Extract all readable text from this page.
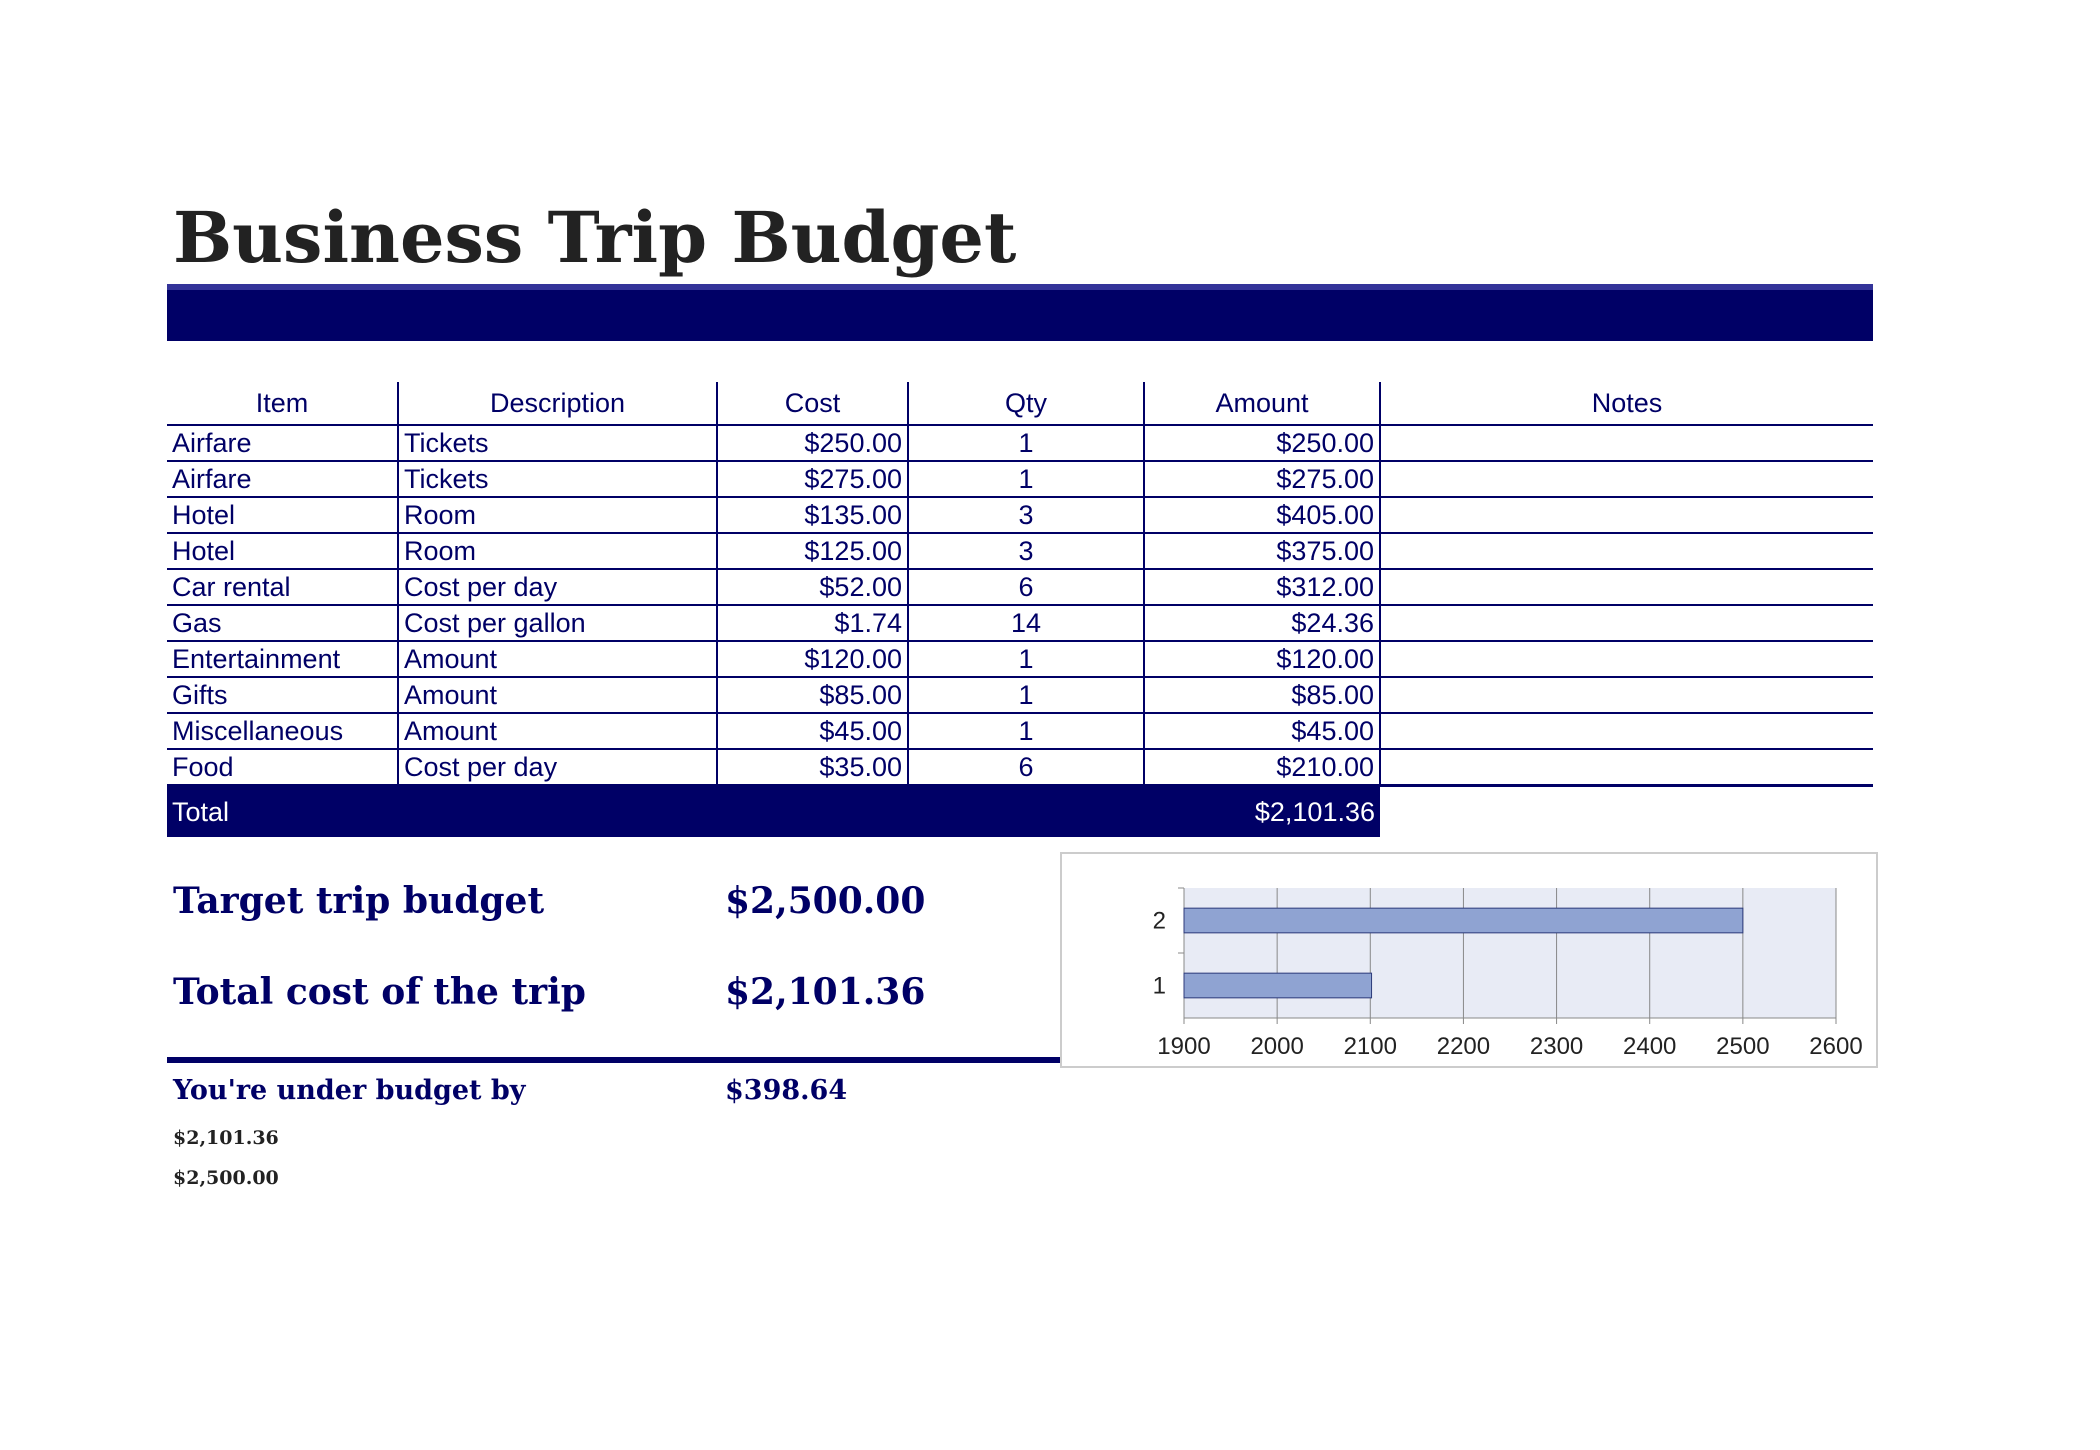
Business Trip Budget
Item	Description	Cost	Qty	Amount	Notes
Airfare	Tickets	$250.00	1	$250.00	
Airfare	Tickets	$275.00	1	$275.00	
Hotel	Room	$135.00	3	$405.00	
Hotel	Room	$125.00	3	$375.00	
Car rental	Cost per day	$52.00	6	$312.00	
Gas	Cost per gallon	$1.74	14	$24.36	
Entertainment	Amount	$120.00	1	$120.00	
Gifts	Amount	$85.00	1	$85.00	
Miscellaneous	Amount	$45.00	1	$45.00	
Food	Cost per day	$35.00	6	$210.00	
Total				$2,101.36	
Target trip budget	$2,500.00
Total cost of the trip	$2,101.36
You're under budget by	$398.64
$2,101.36
$2,500.00
1900 2000 2100 2200 2300 2400 2500 2600
1
2
